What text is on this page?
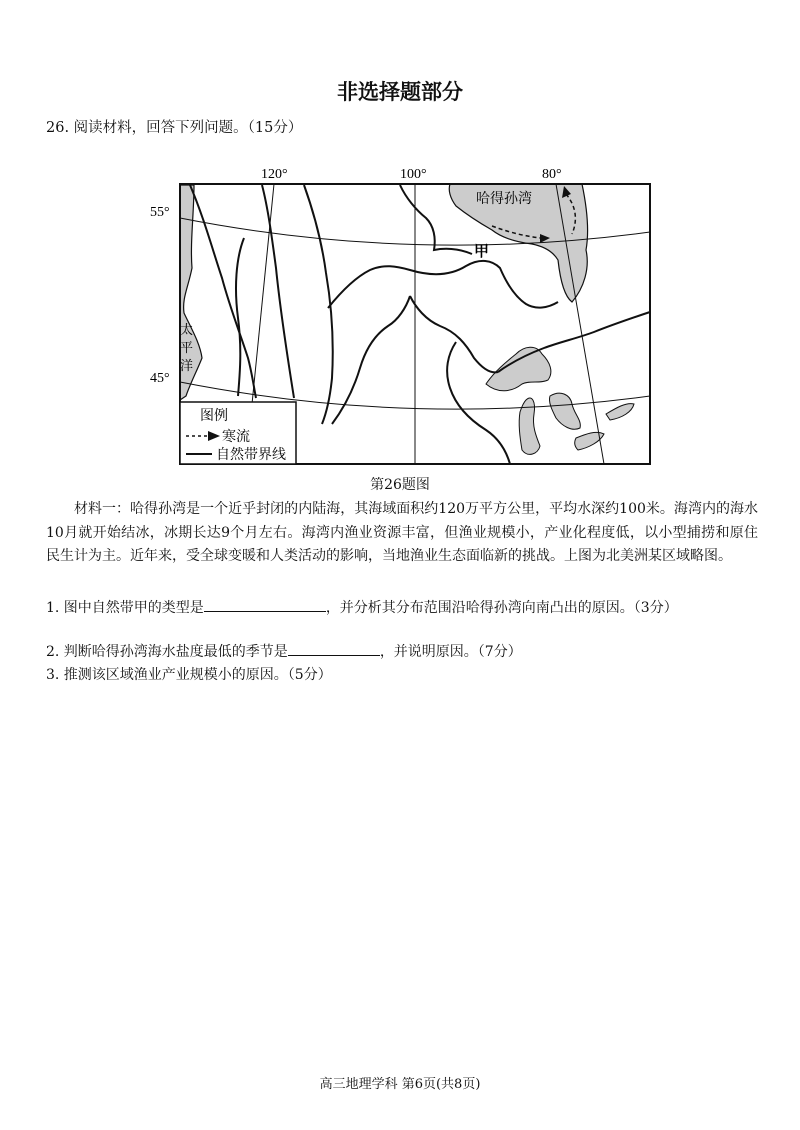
非选择题部分
26. 阅读材料，回答下列问题。（15分）
120°	100°	80°
55°
45°
哈得孙湾
甲
太
平
洋
图例
寒流
自然带界线
第26题图
材料一：哈得孙湾是一个近乎封闭的内陆海，其海域面积约120万平方公里，平均水深约100米。海湾内的海水10月就开始结冰，冰期长达9个月左右。海湾内渔业资源丰富，但渔业规模小，产业化程度低，以小型捕捞和原住民生计为主。近年来，受全球变暖和人类活动的影响，当地渔业生态面临新的挑战。上图为北美洲某区域略图。
1. 图中自然带甲的类型是	，并分析其分布范围沿哈得孙湾向南凸出的原因。（3分）
2. 判断哈得孙湾海水盐度最低的季节是	，并说明原因。（7分）
3. 推测该区域渔业产业规模小的原因。（5分）
高三地理学科 第6页(共8页)
